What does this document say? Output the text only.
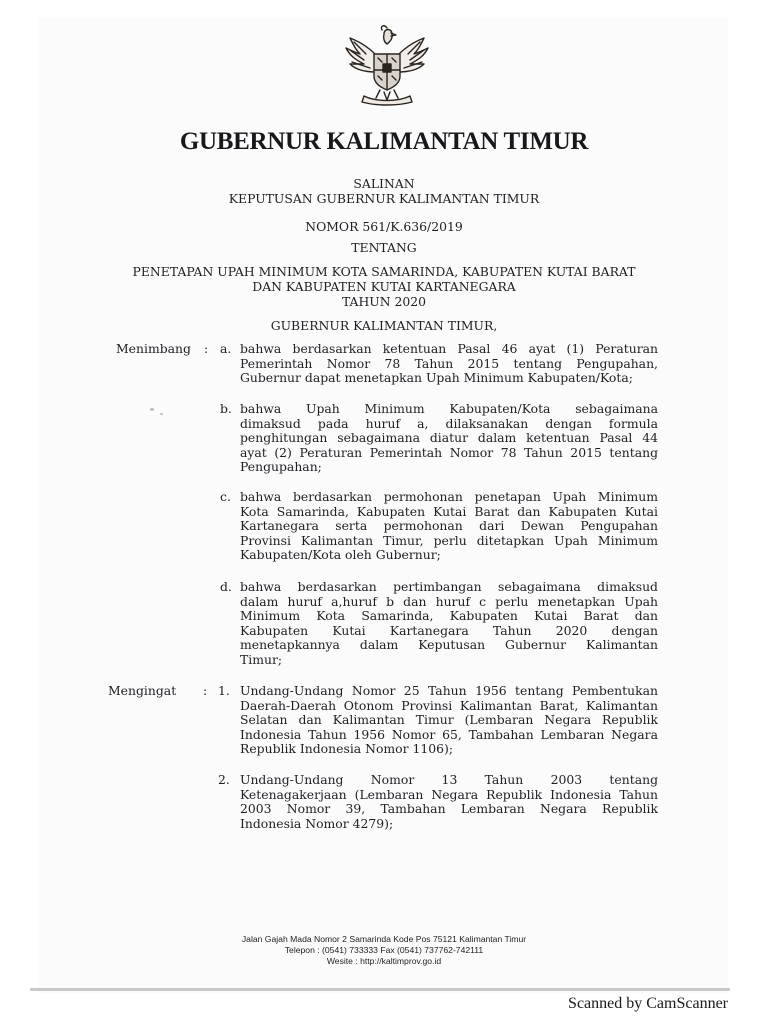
GUBERNUR KALIMANTAN TIMUR
SALINAN
KEPUTUSAN GUBERNUR KALIMANTAN TIMUR
NOMOR 561/K.636/2019
TENTANG
PENETAPAN UPAH MINIMUM KOTA SAMARINDA, KABUPATEN KUTAI BARAT
DAN KABUPATEN KUTAI KARTANEGARA
TAHUN 2020
GUBERNUR KALIMANTAN TIMUR,
Menimbang : a. bahwa berdasarkan ketentuan Pasal 46 ayat (1) Peraturan
Pemerintah Nomor 78 Tahun 2015 tentang Pengupahan,
Gubernur dapat menetapkan Upah Minimum Kabupaten/Kota;
b. bahwa Upah Minimum Kabupaten/Kota sebagaimana
dimaksud pada huruf a, dilaksanakan dengan formula
penghitungan sebagaimana diatur dalam ketentuan Pasal 44
ayat (2) Peraturan Pemerintah Nomor 78 Tahun 2015 tentang
Pengupahan;
c. bahwa berdasarkan permohonan penetapan Upah Minimum
Kota Samarinda, Kabupaten Kutai Barat dan Kabupaten Kutai
Kartanegara serta permohonan dari Dewan Pengupahan
Provinsi Kalimantan Timur, perlu ditetapkan Upah Minimum
Kabupaten/Kota oleh Gubernur;
d. bahwa berdasarkan pertimbangan sebagaimana dimaksud
dalam huruf a,huruf b dan huruf c perlu menetapkan Upah
Minimum Kota Samarinda, Kabupaten Kutai Barat dan
Kabupaten Kutai Kartanegara Tahun 2020 dengan
menetapkannya dalam Keputusan Gubernur Kalimantan
Timur;
Mengingat : 1. Undang-Undang Nomor 25 Tahun 1956 tentang Pembentukan
Daerah-Daerah Otonom Provinsi Kalimantan Barat, Kalimantan
Selatan dan Kalimantan Timur (Lembaran Negara Republik
Indonesia Tahun 1956 Nomor 65, Tambahan Lembaran Negara
Republik Indonesia Nomor 1106);
2. Undang-Undang Nomor 13 Tahun 2003 tentang
Ketenagakerjaan (Lembaran Negara Republik Indonesia Tahun
2003 Nomor 39, Tambahan Lembaran Negara Republik
Indonesia Nomor 4279);
Jalan Gajah Mada Nomor 2 Samarinda Kode Pos 75121 Kalimantan Timur
Telepon : (0541) 733333 Fax (0541) 737762-742111
Wesite : http://kaltimprov.go.id
Scanned by CamScanner
